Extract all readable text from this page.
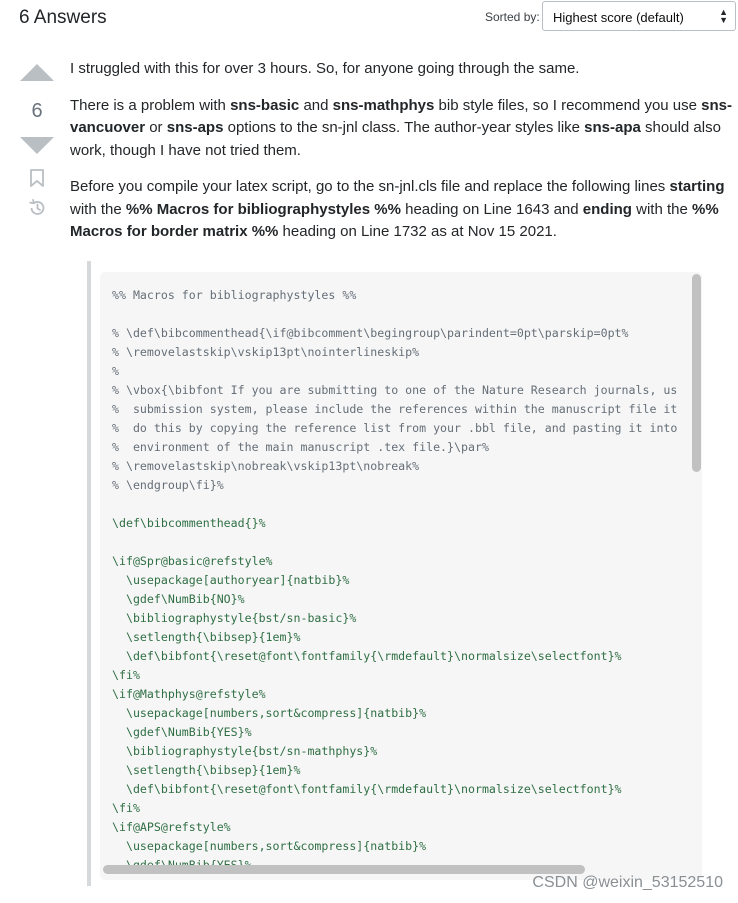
6 Answers	Sorted by:	Highest score (default)	▲
▼
6

I struggled with this for over 3 hours. So, for anyone going through the same.

There is a problem with sns-basic and sns-mathphys bib style files, so I recommend you use sns-vancuover or sns-aps options to the sn-jnl class. The author-year styles like sns-apa should also work, though I have not tried them.

Before you compile your latex script, go to the sn-jnl.cls file and replace the following lines starting with the %% Macros for bibliographystyles %% heading on Line 1643 and ending with the %% Macros for border matrix %% heading on Line 1732 as at Nov 15 2021.

%% Macros for bibliographystyles %%
% \def\bibcommenthead{\if@bibcomment\begingroup\parindent=0pt\parskip=0pt%
% \removelastskip\vskip13pt\nointerlineskip%
%
% \vbox{\bibfont If you are submitting to one of the Nature Research journals, us
%  submission system, please include the references within the manuscript file it
%  do this by copying the reference list from your .bbl file, and pasting it into
%  environment of the main manuscript .tex file.}\par%
% \removelastskip\nobreak\vskip13pt\nobreak%
% \endgroup\fi}%
\def\bibcommenthead{}%
\if@Spr@basic@refstyle%
\usepackage[authoryear]{natbib}%
\gdef\NumBib{NO}%
\bibliographystyle{bst/sn-basic}%
\setlength{\bibsep}{1em}%
\def\bibfont{\reset@font\fontfamily{\rmdefault}\normalsize\selectfont}%
\fi%
\if@Mathphys@refstyle%
\usepackage[numbers,sort&compress]{natbib}%
\gdef\NumBib{YES}%
\bibliographystyle{bst/sn-mathphys}%
\setlength{\bibsep}{1em}%
\def\bibfont{\reset@font\fontfamily{\rmdefault}\normalsize\selectfont}%
\fi%
\if@APS@refstyle%
\usepackage[numbers,sort&compress]{natbib}%
CSDN @weixin_53152510
